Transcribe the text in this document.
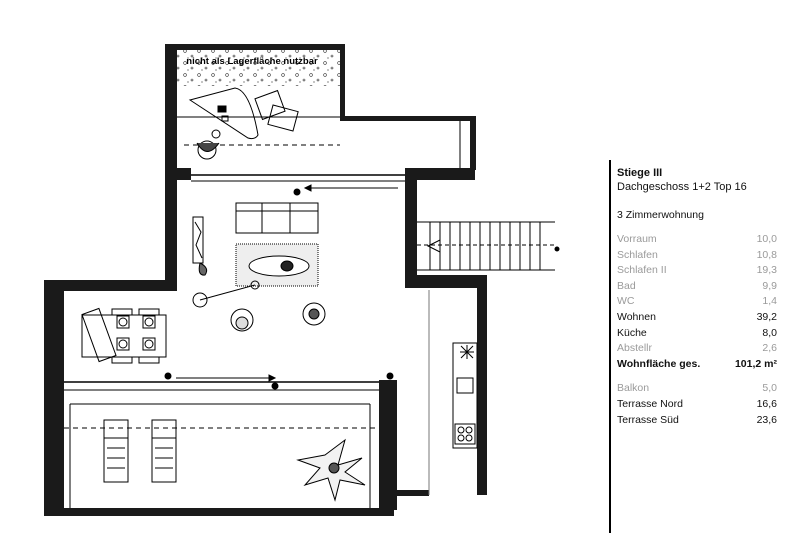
nicht als Lagerfläche nutzbar
Stiege III
Dachgeschoss 1+2 Top 16
3 Zimmerwohnung
Vorraum	10,0
Schlafen	10,8
Schlafen II	19,3
Bad	9,9
WC	1,4
Wohnen	39,2
Küche	8,0
Abstellr	2,6
Wohnfläche ges.	101,2 m²
Balkon	5,0
Terrasse Nord	16,6
Terrasse Süd	23,6
